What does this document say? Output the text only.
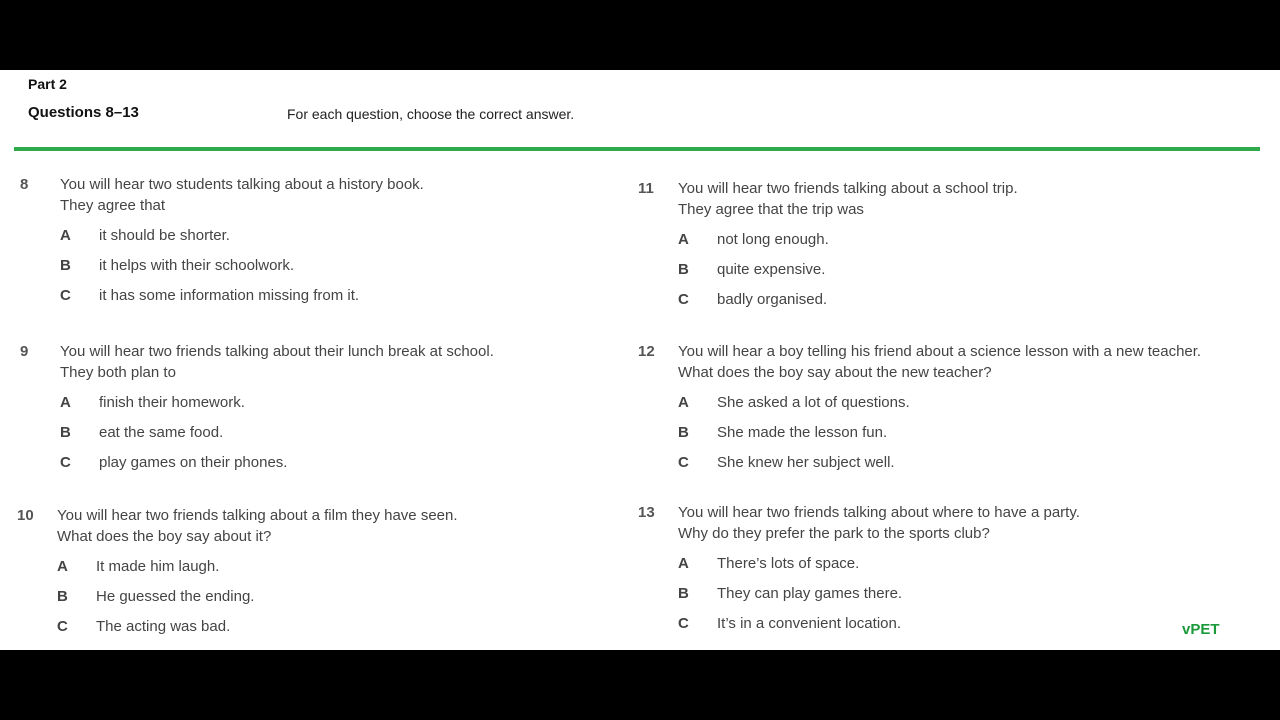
Part 2
Questions 8–13	For each question, choose the correct answer.
8 You will hear two students talking about a history book.
They agree that
A it should be shorter.
B it helps with their schoolwork.
C it has some information missing from it.
9 You will hear two friends talking about their lunch break at school.
They both plan to
A finish their homework.
B eat the same food.
C play games on their phones.
10 You will hear two friends talking about a film they have seen.
What does the boy say about it?
A It made him laugh.
B He guessed the ending.
C The acting was bad.
11 You will hear two friends talking about a school trip.
They agree that the trip was
A not long enough.
B quite expensive.
C badly organised.
12 You will hear a boy telling his friend about a science lesson with a new teacher.
What does the boy say about the new teacher?
A She asked a lot of questions.
B She made the lesson fun.
C She knew her subject well.
13 You will hear two friends talking about where to have a party.
Why do they prefer the park to the sports club?
A There’s lots of space.
B They can play games there.
C It’s in a convenient location.	vPET
